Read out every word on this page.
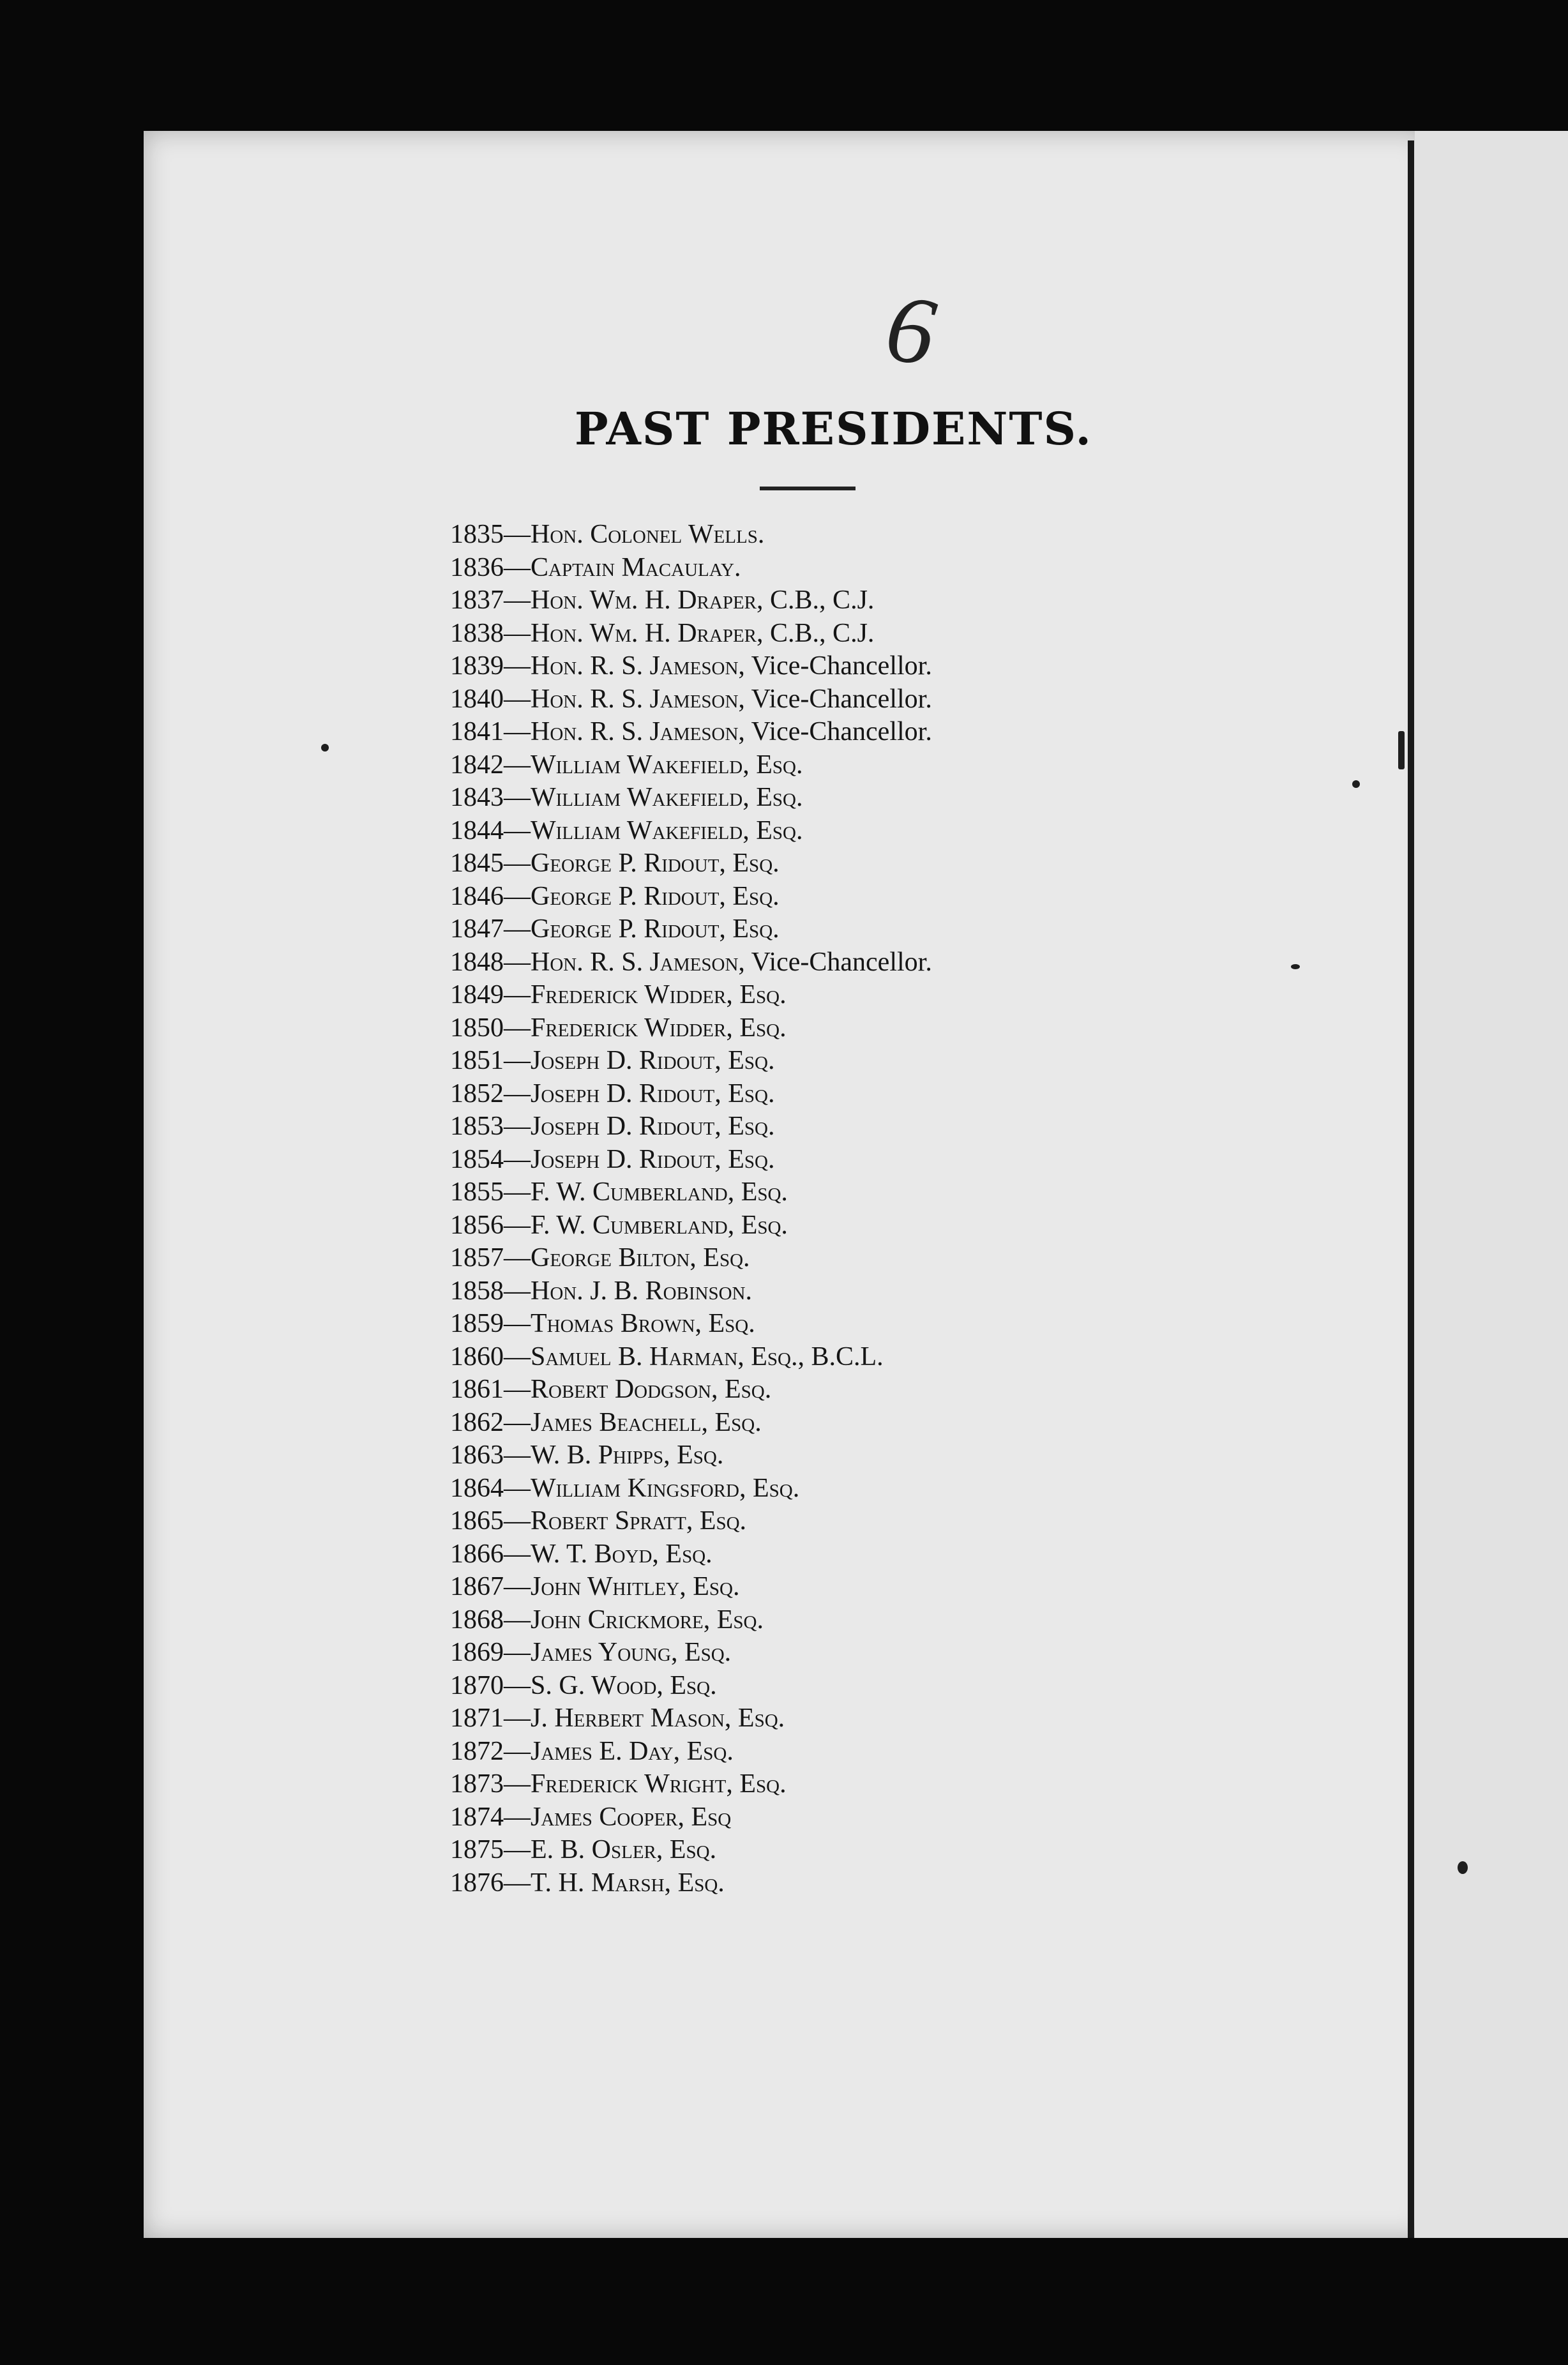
6
PAST PRESIDENTS.
1835—Hon. Colonel Wells.
1836—Captain Macaulay.
1837—Hon. Wm. H. Draper, C.B., C.J.
1838—Hon. Wm. H. Draper, C.B., C.J.
1839—Hon. R. S. Jameson, Vice-Chancellor.
1840—Hon. R. S. Jameson, Vice-Chancellor.
1841—Hon. R. S. Jameson, Vice-Chancellor.
1842—William Wakefield, Esq.
1843—William Wakefield, Esq.
1844—William Wakefield, Esq.
1845—George P. Ridout, Esq.
1846—George P. Ridout, Esq.
1847—George P. Ridout, Esq.
1848—Hon. R. S. Jameson, Vice-Chancellor.
1849—Frederick Widder, Esq.
1850—Frederick Widder, Esq.
1851—Joseph D. Ridout, Esq.
1852—Joseph D. Ridout, Esq.
1853—Joseph D. Ridout, Esq.
1854—Joseph D. Ridout, Esq.
1855—F. W. Cumberland, Esq.
1856—F. W. Cumberland, Esq.
1857—George Bilton, Esq.
1858—Hon. J. B. Robinson.
1859—Thomas Brown, Esq.
1860—Samuel B. Harman, Esq., B.C.L.
1861—Robert Dodgson, Esq.
1862—James Beachell, Esq.
1863—W. B. Phipps, Esq.
1864—William Kingsford, Esq.
1865—Robert Spratt, Esq.
1866—W. T. Boyd, Esq.
1867—John Whitley, Esq.
1868—John Crickmore, Esq.
1869—James Young, Esq.
1870—S. G. Wood, Esq.
1871—J. Herbert Mason, Esq.
1872—James E. Day, Esq.
1873—Frederick Wright, Esq.
1874—James Cooper, Esq
1875—E. B. Osler, Esq.
1876—T. H. Marsh, Esq.
